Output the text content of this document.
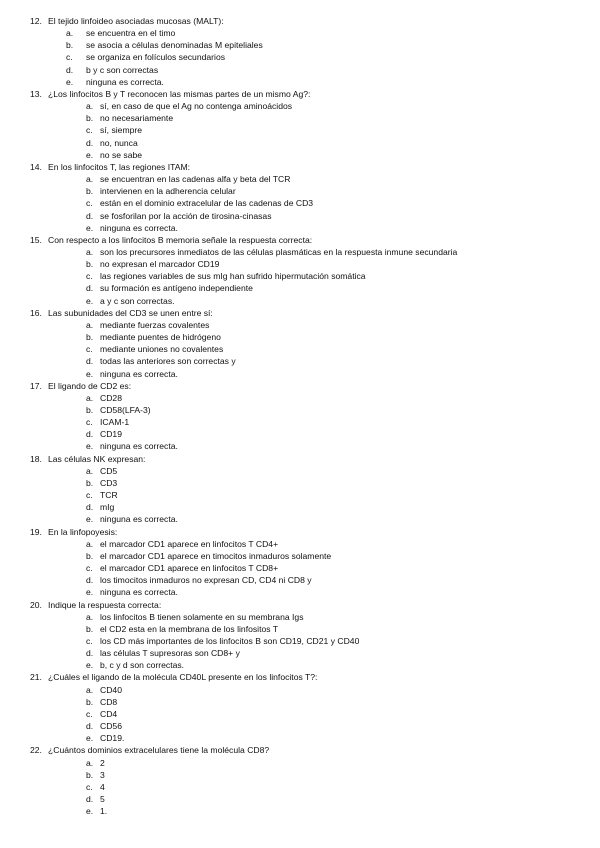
12. El tejido linfoideo asociadas mucosas (MALT):
a. se encuentra en el timo
b. se asocia a células denominadas M epiteliales
c. se organiza en folículos secundarios
d. b y c son correctas
e. ninguna es correcta.
13. ¿Los linfocitos B y T reconocen las mismas partes de un mismo Ag?:
a. sí, en caso de que el Ag no contenga aminoácidos
b. no necesariamente
c. sí, siempre
d. no, nunca
e. no se sabe
14. En los linfocitos T, las regiones ITAM:
a. se encuentran en las cadenas alfa y beta del TCR
b. intervienen en la adherencia celular
c. están en el dominio extracelular de las cadenas de CD3
d. se fosforilan por la acción de tirosina-cinasas
e. ninguna es correcta.
15. Con respecto a los linfocitos B memoria señale la respuesta correcta:
a. son los precursores inmediatos de las células plasmáticas en la respuesta inmune secundaria
b. no expresan el marcador CD19
c. las regiones variables de sus mIg han sufrido hipermutación somática
d. su formación es antígeno independiente
e. a y c son correctas.
16. Las subunidades del CD3 se unen entre sí:
a. mediante fuerzas covalentes
b. mediante puentes de hidrógeno
c. mediante uniones no covalentes
d. todas las anteriores son correctas y
e. ninguna es correcta.
17. El ligando de CD2 es:
a. CD28
b. CD58(LFA-3)
c. ICAM-1
d. CD19
e. ninguna es correcta.
18. Las células NK expresan:
a. CD5
b. CD3
c. TCR
d. mIg
e. ninguna es correcta.
19. En la linfopoyesis:
a. el marcador CD1 aparece en linfocitos T CD4+
b. el marcador CD1 aparece en timocitos inmaduros solamente
c. el marcador CD1 aparece en linfocitos T CD8+
d. los timocitos inmaduros no expresan CD, CD4 ni CD8 y
e. ninguna es correcta.
20. Indique la respuesta correcta:
a. los linfocitos B tienen solamente en su membrana Igs
b. el CD2 esta en la membrana de los linfositos T
c. los CD más importantes de los linfocitos B son CD19, CD21 y CD40
d. las células T supresoras son CD8+ y
e. b, c y d son correctas.
21. ¿Cuáles el ligando de la molécula CD40L presente en los linfocitos T?:
a. CD40
b. CD8
c. CD4
d. CD56
e. CD19.
22. ¿Cuántos dominios extracelulares tiene la molécula CD8?
a. 2
b. 3
c. 4
d. 5
e. 1.
